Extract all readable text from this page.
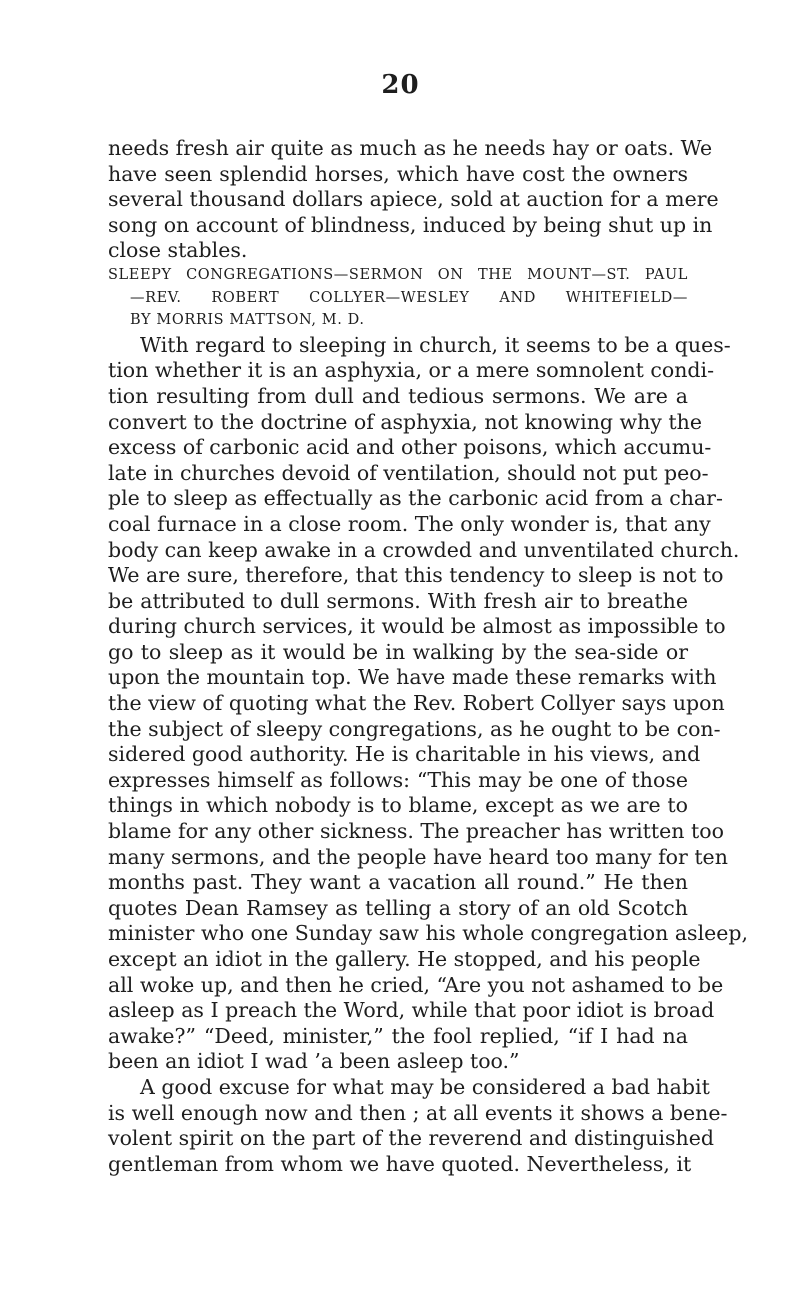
20
needs fresh air quite as much as he needs hay or oats. We
have seen splendid horses, which have cost the owners
several thousand dollars apiece, sold at auction for a mere
song on account of blindness, induced by being shut up in
close stables.
SLEEPY CONGREGATIONS—SERMON ON THE MOUNT—ST. PAUL
—REV. ROBERT COLLYER—WESLEY AND WHITEFIELD—
BY MORRIS MATTSON, M. D.
With regard to sleeping in church, it seems to be a ques-
tion whether it is an asphyxia, or a mere somnolent condi-
tion resulting from dull and tedious sermons. We are a
convert to the doctrine of asphyxia, not knowing why the
excess of carbonic acid and other poisons, which accumu-
late in churches devoid of ventilation, should not put peo-
ple to sleep as effectually as the carbonic acid from a char-
coal furnace in a close room. The only wonder is, that any
body can keep awake in a crowded and unventilated church.
We are sure, therefore, that this tendency to sleep is not to
be attributed to dull sermons. With fresh air to breathe
during church services, it would be almost as impossible to
go to sleep as it would be in walking by the sea-side or
upon the mountain top. We have made these remarks with
the view of quoting what the Rev. Robert Collyer says upon
the subject of sleepy congregations, as he ought to be con-
sidered good authority. He is charitable in his views, and
expresses himself as follows: “This may be one of those
things in which nobody is to blame, except as we are to
blame for any other sickness. The preacher has written too
many sermons, and the people have heard too many for ten
months past. They want a vacation all round.” He then
quotes Dean Ramsey as telling a story of an old Scotch
minister who one Sunday saw his whole congregation asleep,
except an idiot in the gallery. He stopped, and his people
all woke up, and then he cried, “Are you not ashamed to be
asleep as I preach the Word, while that poor idiot is broad
awake?” “Deed, minister,” the fool replied, “if I had na
been an idiot I wad ’a been asleep too.”
A good excuse for what may be considered a bad habit
is well enough now and then ; at all events it shows a bene-
volent spirit on the part of the reverend and distinguished
gentleman from whom we have quoted. Nevertheless, it
